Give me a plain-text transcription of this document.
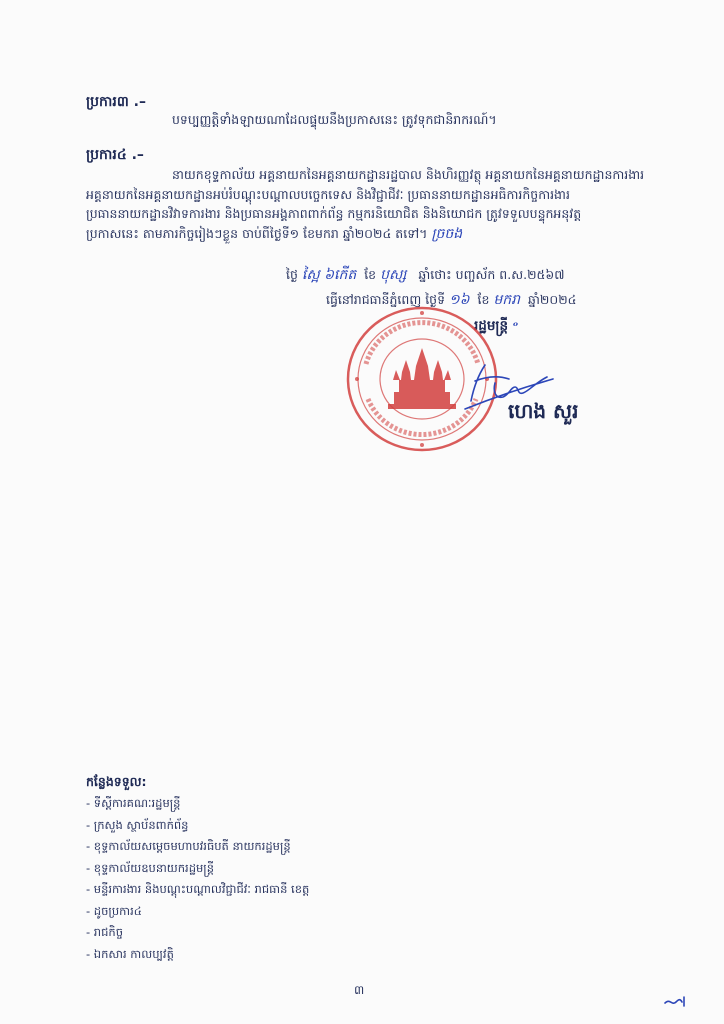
ប្រការ៣ .–
បទប្បញ្ញត្តិទាំងឡាយណាដែលផ្ទុយនឹងប្រកាសនេះ ត្រូវទុកជានិរាករណ៍។
ប្រការ៤ .–
នាយកខុទ្ទកាល័យ អគ្គនាយកនៃអគ្គនាយកដ្ឋានរដ្ឋបាល និងហិរញ្ញវត្ថុ អគ្គនាយកនៃអគ្គនាយកដ្ឋានការងារ
អគ្គនាយកនៃអគ្គនាយកដ្ឋានអប់រំបណ្តុះបណ្តាលបច្ចេកទេស និងវិជ្ជាជីវៈ ប្រធាននាយកដ្ឋានអធិការកិច្ចការងារ
ប្រធាននាយកដ្ឋានវិវាទការងារ និងប្រធានអង្គភាពពាក់ព័ន្ធ កម្មករនិយោជិត និងនិយោជក ត្រូវទទួលបន្ទុកអនុវត្ត
ប្រកាសនេះ តាមភារកិច្ចរៀងៗខ្លួន ចាប់ពីថ្ងៃទី១ ខែមករា ឆ្នាំ២០២៤ តទៅ។ ច្រចង
ថ្ងៃ ស្អៃ ៦កើត ខែ បុស្ស ឆ្នាំថោះ បញ្ចស័ក ព.ស.២៥៦៧
ធ្វើនៅរាជធានីភ្នំពេញ ថ្ងៃទី ១៦ ខែ មករា ឆ្នាំ២០២៤
រដ្ឋមន្ត្រី ᵒ
ហេង សួរ
កន្លែងទទួល:
- ទីស្តីការគណៈរដ្ឋមន្ត្រី
- ក្រសួង ស្ថាប័នពាក់ព័ន្ធ
- ខុទ្ទកាល័យសម្តេចមហាបវរធិបតី នាយករដ្ឋមន្ត្រី
- ខុទ្ទកាល័យឧបនាយករដ្ឋមន្ត្រី
- មន្ទីរការងារ និងបណ្តុះបណ្តាលវិជ្ជាជីវៈ រាជធានី ខេត្ត
- ដូចប្រការ៤
- រាជកិច្ច
- ឯកសារ កាលប្បវត្តិ
៣
